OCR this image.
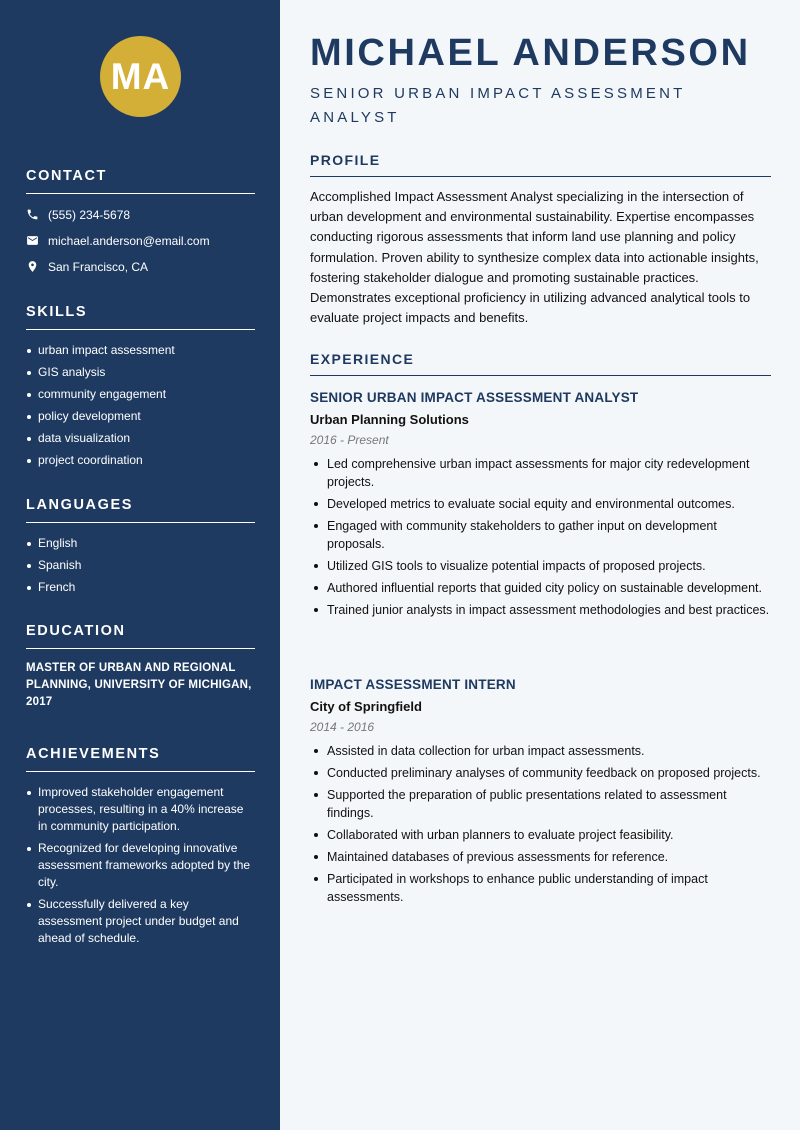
MA
CONTACT
(555) 234-5678
michael.anderson@email.com
San Francisco, CA
SKILLS
urban impact assessment
GIS analysis
community engagement
policy development
data visualization
project coordination
LANGUAGES
English
Spanish
French
EDUCATION
MASTER OF URBAN AND REGIONAL PLANNING, UNIVERSITY OF MICHIGAN, 2017
ACHIEVEMENTS
Improved stakeholder engagement processes, resulting in a 40% increase in community participation.
Recognized for developing innovative assessment frameworks adopted by the city.
Successfully delivered a key assessment project under budget and ahead of schedule.
MICHAEL ANDERSON
SENIOR URBAN IMPACT ASSESSMENT ANALYST
PROFILE

Accomplished Impact Assessment Analyst specializing in the intersection of urban development and environmental sustainability. Expertise encompasses conducting rigorous assessments that inform land use planning and policy formulation. Proven ability to synthesize complex data into actionable insights, fostering stakeholder dialogue and promoting sustainable practices. Demonstrates exceptional proficiency in utilizing advanced analytical tools to evaluate project impacts and benefits.

EXPERIENCE
SENIOR URBAN IMPACT ASSESSMENT ANALYST
Urban Planning Solutions
2016 - Present
Led comprehensive urban impact assessments for major city redevelopment projects.
Developed metrics to evaluate social equity and environmental outcomes.
Engaged with community stakeholders to gather input on development proposals.
Utilized GIS tools to visualize potential impacts of proposed projects.
Authored influential reports that guided city policy on sustainable development.
Trained junior analysts in impact assessment methodologies and best practices.
IMPACT ASSESSMENT INTERN
City of Springfield
2014 - 2016
Assisted in data collection for urban impact assessments.
Conducted preliminary analyses of community feedback on proposed projects.
Supported the preparation of public presentations related to assessment findings.
Collaborated with urban planners to evaluate project feasibility.
Maintained databases of previous assessments for reference.
Participated in workshops to enhance public understanding of impact assessments.
